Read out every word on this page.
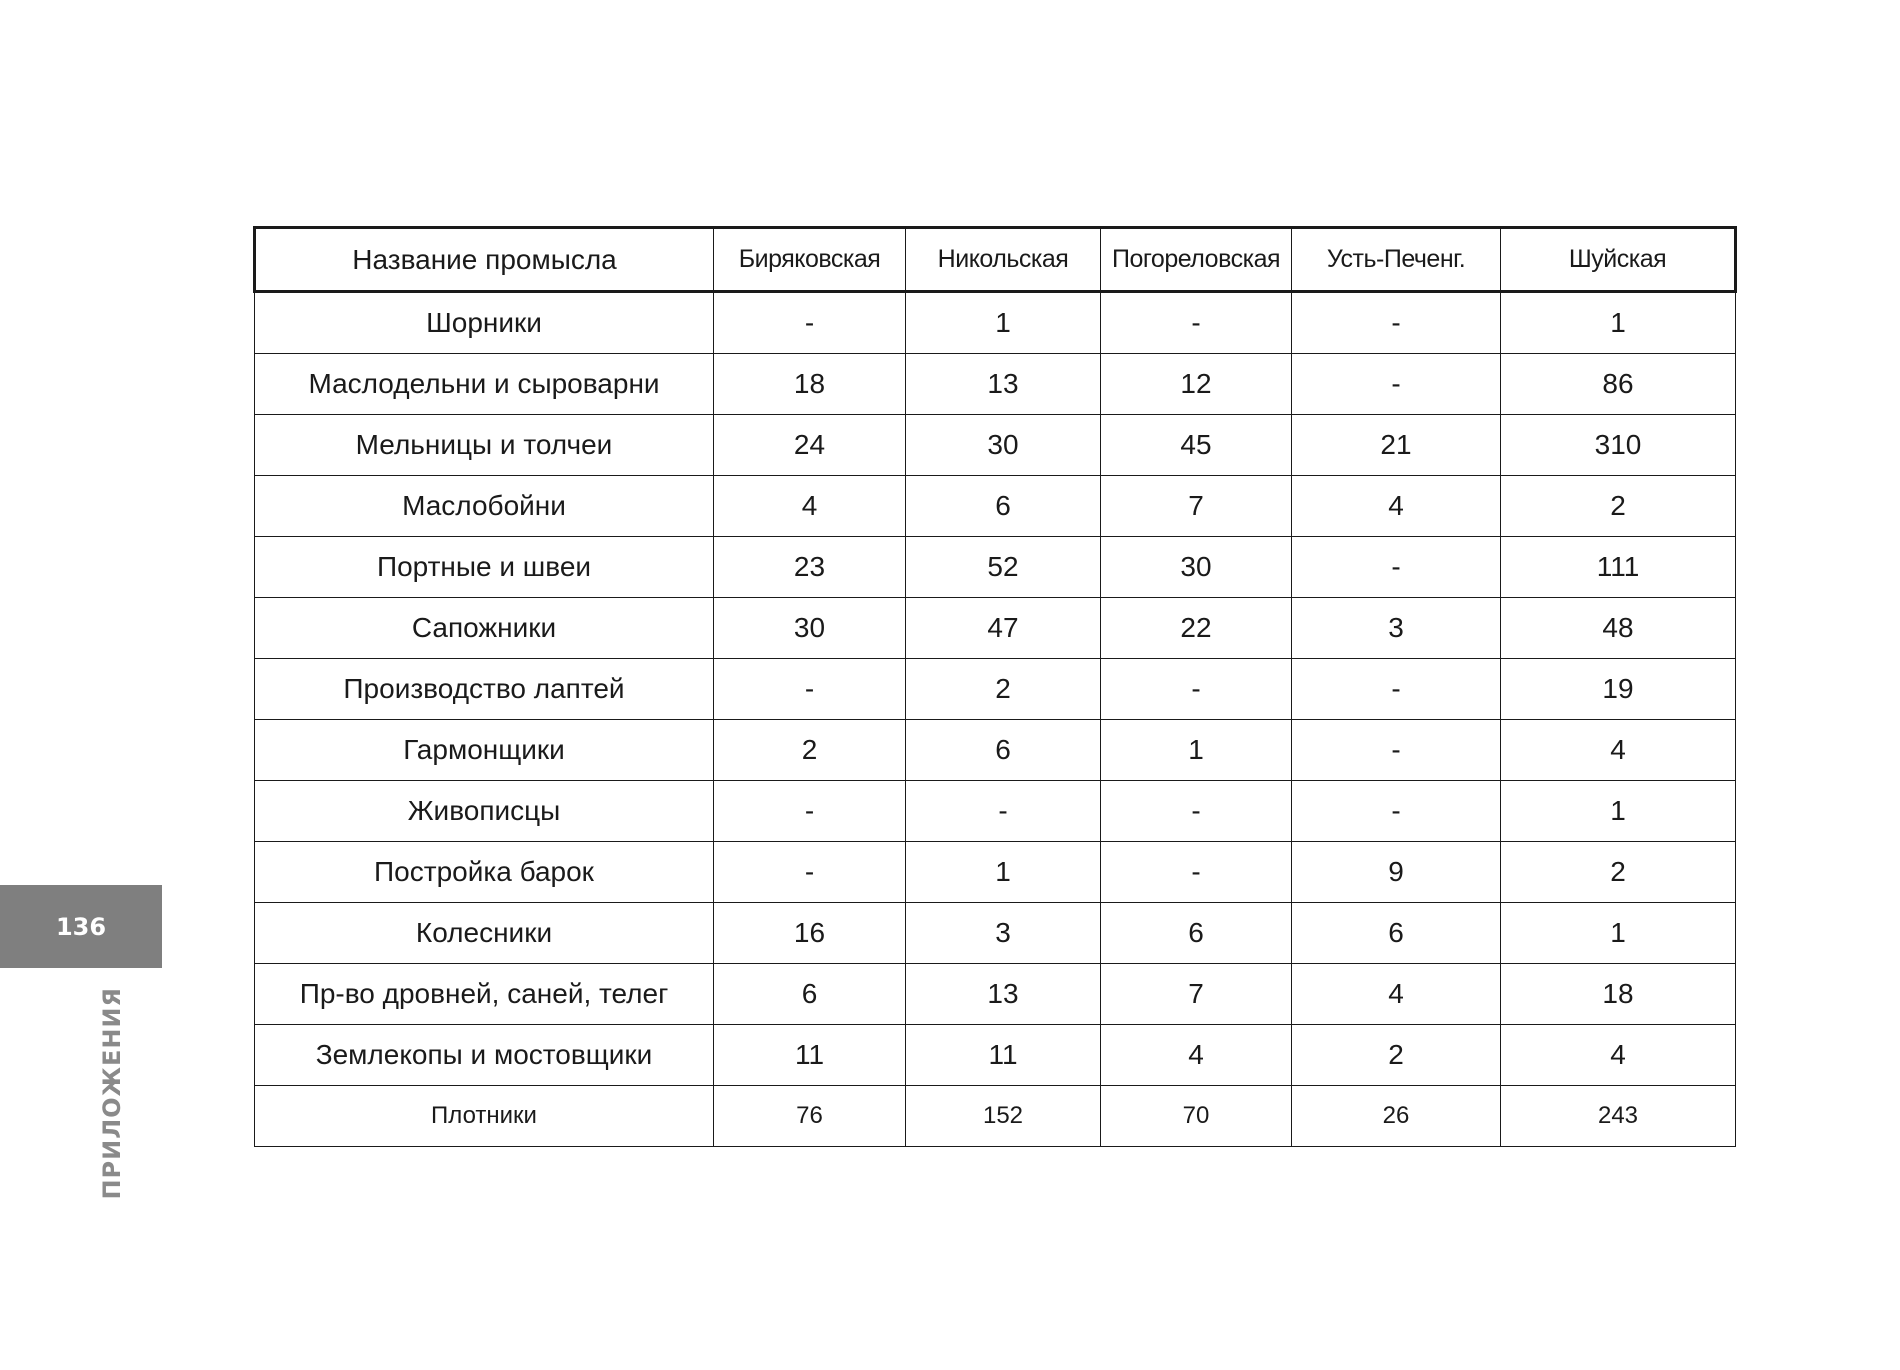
136
ПРИЛОЖЕНИЯ
Название промысла	Биряковская	Никольская	Погореловская	Усть-Печенг.	Шуйская
Шорники	-	1	-	-	1
Маслодельни и сыроварни	18	13	12	-	86
Мельницы и толчеи	24	30	45	21	310
Маслобойни	4	6	7	4	2
Портные и швеи	23	52	30	-	111
Сапожники	30	47	22	3	48
Производство лаптей	-	2	-	-	19
Гармонщики	2	6	1	-	4
Живописцы	-	-	-	-	1
Постройка барок	-	1	-	9	2
Колесники	16	3	6	6	1
Пр-во дровней, саней, телег	6	13	7	4	18
Землекопы и мостовщики	11	11	4	2	4
Плотники	76	152	70	26	243
